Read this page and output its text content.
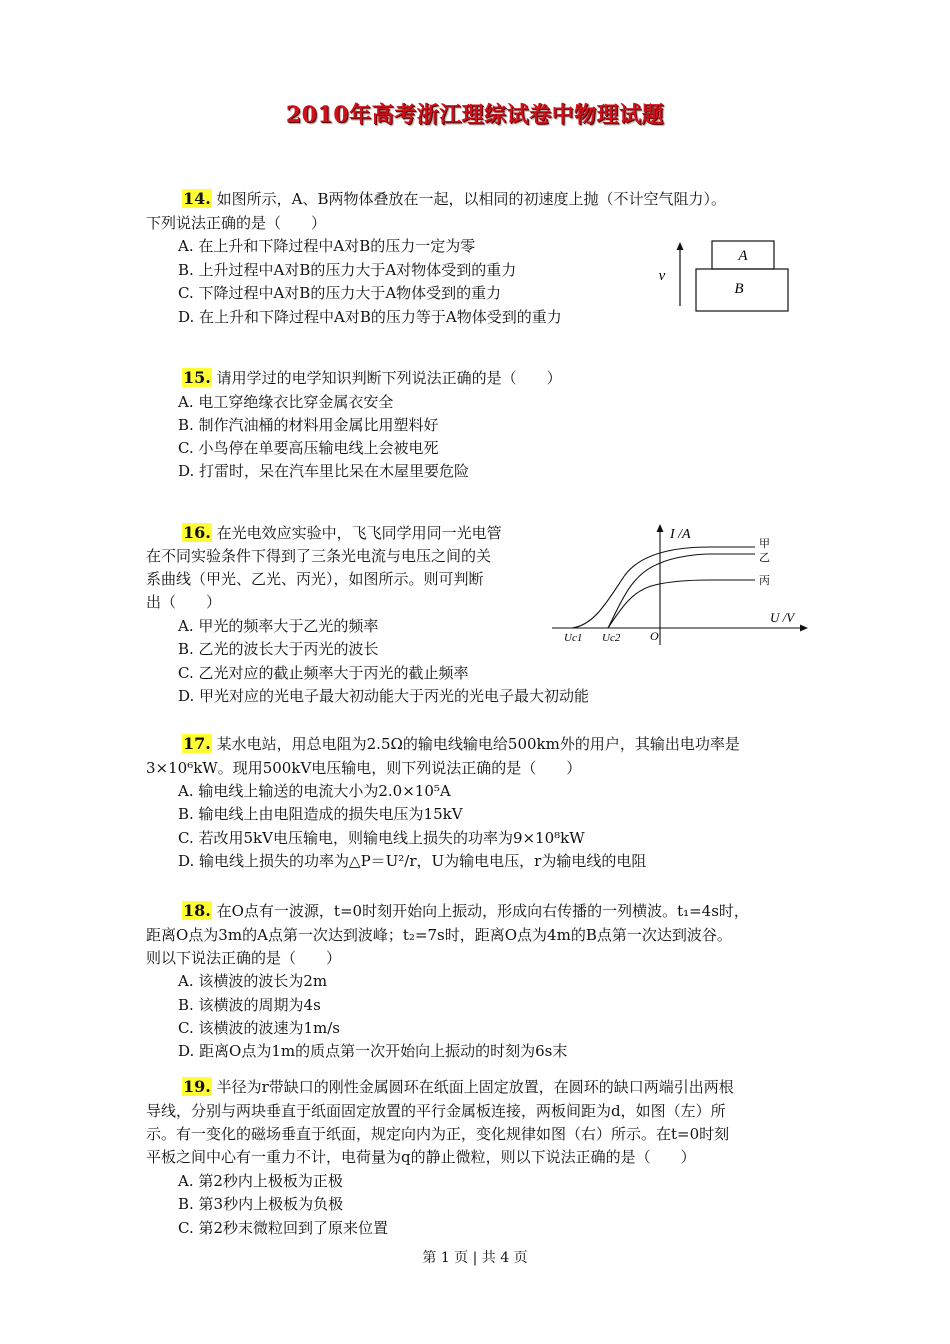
2010年高考浙江理综试卷中物理试题
14. 如图所示，A、B两物体叠放在一起，以相同的初速度上抛（不计空气阻力）。
下列说法正确的是（　　）
A. 在上升和下降过程中A对B的压力一定为零
B. 上升过程中A对B的压力大于A对物体受到的重力
C. 下降过程中A对B的压力大于A物体受到的重力
D. 在上升和下降过程中A对B的压力等于A物体受到的重力
A
B
v
15. 请用学过的电学知识判断下列说法正确的是（　　）
A. 电工穿绝缘衣比穿金属衣安全
B. 制作汽油桶的材料用金属比用塑料好
C. 小鸟停在单要高压输电线上会被电死
D. 打雷时，呆在汽车里比呆在木屋里要危险
16. 在光电效应实验中，飞飞同学用同一光电管
在不同实验条件下得到了三条光电流与电压之间的关
系曲线（甲光、乙光、丙光），如图所示。则可判断
出（　　）
A. 甲光的频率大于乙光的频率
B. 乙光的波长大于丙光的波长
C. 乙光对应的截止频率大于丙光的截止频率
D. 甲光对应的光电子最大初动能大于丙光的光电子最大初动能
I /A
U /V
O
Uc1 Uc2
甲
乙
丙
17. 某水电站，用总电阻为2.5Ω的输电线输电给500km外的用户，其输出电功率是
3×10⁶kW。现用500kV电压输电，则下列说法正确的是（　　）
A. 输电线上输送的电流大小为2.0×10⁵A
B. 输电线上由电阻造成的损失电压为15kV
C. 若改用5kV电压输电，则输电线上损失的功率为9×10⁸kW
D. 输电线上损失的功率为△P＝U²/r，U为输电电压，r为输电线的电阻
18. 在O点有一波源，t=0时刻开始向上振动，形成向右传播的一列横波。t₁=4s时，
距离O点为3m的A点第一次达到波峰；t₂=7s时，距离O点为4m的B点第一次达到波谷。
则以下说法正确的是（　　）
A. 该横波的波长为2m
B. 该横波的周期为4s
C. 该横波的波速为1m/s
D. 距离O点为1m的质点第一次开始向上振动的时刻为6s末
19. 半径为r带缺口的刚性金属圆环在纸面上固定放置，在圆环的缺口两端引出两根
导线，分别与两块垂直于纸面固定放置的平行金属板连接，两板间距为d，如图（左）所
示。有一变化的磁场垂直于纸面，规定向内为正，变化规律如图（右）所示。在t=0时刻
平板之间中心有一重力不计，电荷量为q的静止微粒，则以下说法正确的是（　　）
A. 第2秒内上极板为正极
B. 第3秒内上极板为负极
C. 第2秒末微粒回到了原来位置
第 1 页 | 共 4 页
